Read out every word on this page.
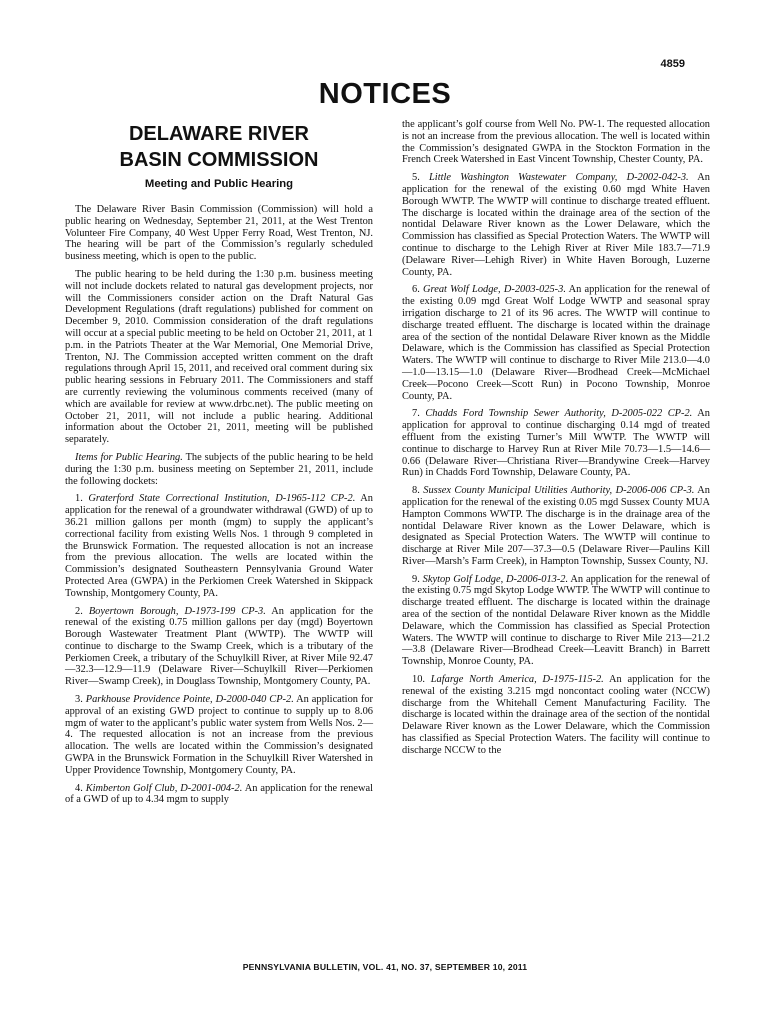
4859
NOTICES
DELAWARE RIVER
BASIN COMMISSION
Meeting and Public Hearing

The Delaware River Basin Commission (Commission) will hold a public hearing on Wednesday, September 21, 2011, at the West Trenton Volunteer Fire Company, 40 West Upper Ferry Road, West Trenton, NJ. The hearing will be part of the Commission’s regularly scheduled business meeting, which is open to the public.

The public hearing to be held during the 1:30 p.m. business meeting will not include dockets related to natural gas development projects, nor will the Commissioners consider action on the Draft Natural Gas Development Regulations (draft regulations) published for comment on December 9, 2010. Commission consideration of the draft regulations will occur at a special public meeting to be held on October 21, 2011, at 1 p.m. in the Patriots Theater at the War Memorial, One Memorial Drive, Trenton, NJ. The Commission accepted written comment on the draft regulations through April 15, 2011, and received oral comment during six public hearing sessions in February 2011. The Commissioners and staff are currently reviewing the voluminous comments received (many of which are available for review at www.drbc.net). The public meeting on October 21, 2011, will not include a public hearing. Additional information about the October 21, 2011, meeting will be published separately.

Items for Public Hearing. The subjects of the public hearing to be held during the 1:30 p.m. business meeting on September 21, 2011, include the following dockets:

1. Graterford State Correctional Institution, D-1965-112 CP-2. An application for the renewal of a groundwater withdrawal (GWD) of up to 36.21 million gallons per month (mgm) to supply the applicant’s correctional facility from existing Wells Nos. 1 through 9 completed in the Brunswick Formation. The requested allocation is not an increase from the previous allocation. The wells are located within the Commission’s designated Southeastern Pennsylvania Ground Water Protected Area (GWPA) in the Perkiomen Creek Watershed in Skippack Township, Montgomery County, PA.

2. Boyertown Borough, D-1973-199 CP-3. An application for the renewal of the existing 0.75 million gallons per day (mgd) Boyertown Borough Wastewater Treatment Plant (WWTP). The WWTP will continue to discharge to the Swamp Creek, which is a tributary of the Perkiomen Creek, a tributary of the Schuylkill River, at River Mile 92.47—32.3—12.9—11.9 (Delaware River—Schuylkill River—Perkiomen River—Swamp Creek), in Douglass Township, Montgomery County, PA.

3. Parkhouse Providence Pointe, D-2000-040 CP-2. An application for approval of an existing GWD project to continue to supply up to 8.06 mgm of water to the applicant’s public water system from Wells Nos. 2—4. The requested allocation is not an increase from the previous allocation. The wells are located within the Commission’s designated GWPA in the Brunswick Formation in the Schuylkill River Watershed in Upper Providence Township, Montgomery County, PA.

4. Kimberton Golf Club, D-2001-004-2. An application for the renewal of a GWD of up to 4.34 mgm to supply

the applicant’s golf course from Well No. PW-1. The requested allocation is not an increase from the previous allocation. The well is located within the Commission’s designated GWPA in the Stockton Formation in the French Creek Watershed in East Vincent Township, Chester County, PA.

5. Little Washington Wastewater Company, D-2002-042-3. An application for the renewal of the existing 0.60 mgd White Haven Borough WWTP. The WWTP will continue to discharge treated effluent. The discharge is located within the drainage area of the section of the nontidal Delaware River known as the Lower Delaware, which the Commission has classified as Special Protection Waters. The WWTP will continue to discharge to the Lehigh River at River Mile 183.7—71.9 (Delaware River—Lehigh River) in White Haven Borough, Luzerne County, PA.

6. Great Wolf Lodge, D-2003-025-3. An application for the renewal of the existing 0.09 mgd Great Wolf Lodge WWTP and seasonal spray irrigation discharge to 21 of its 96 acres. The WWTP will continue to discharge treated effluent. The discharge is located within the drainage area of the section of the nontidal Delaware River known as the Middle Delaware, which is the Commission has classified as Special Protection Waters. The WWTP will continue to discharge to River Mile 213.0—4.0—1.0—13.15—1.0 (Delaware River—Brodhead Creek—McMichael Creek—Pocono Creek—Scott Run) in Pocono Township, Monroe County, PA.

7. Chadds Ford Township Sewer Authority, D-2005-022 CP-2. An application for approval to continue discharging 0.14 mgd of treated effluent from the existing Turner’s Mill WWTP. The WWTP will continue to discharge to Harvey Run at River Mile 70.73—1.5—14.6—0.66 (Delaware River—Christiana River—Brandywine Creek—Harvey Run) in Chadds Ford Township, Delaware County, PA.

8. Sussex County Municipal Utilities Authority, D-2006-006 CP-3. An application for the renewal of the existing 0.05 mgd Sussex County MUA Hampton Commons WWTP. The discharge is in the drainage area of the nontidal Delaware River known as the Lower Delaware, which is designated as Special Protection Waters. The WWTP will continue to discharge at River Mile 207—37.3—0.5 (Delaware River—Paulins Kill River—Marsh’s Farm Creek), in Hampton Township, Sussex County, NJ.

9. Skytop Golf Lodge, D-2006-013-2. An application for the renewal of the existing 0.75 mgd Skytop Lodge WWTP. The WWTP will continue to discharge treated effluent. The discharge is located within the drainage area of the section of the nontidal Delaware River known as the Middle Delaware, which the Commission has classified as Special Protection Waters. The WWTP will continue to discharge to River Mile 213—21.2—3.8 (Delaware River—Brodhead Creek—Leavitt Branch) in Barrett Township, Monroe County, PA.

10. Lafarge North America, D-1975-115-2. An application for the renewal of the existing 3.215 mgd noncontact cooling water (NCCW) discharge from the Whitehall Cement Manufacturing Facility. The discharge is located within the drainage area of the section of the nontidal Delaware River known as the Lower Delaware, which the Commission has classified as Special Protection Waters. The facility will continue to discharge NCCW to the

PENNSYLVANIA BULLETIN, VOL. 41, NO. 37, SEPTEMBER 10, 2011
